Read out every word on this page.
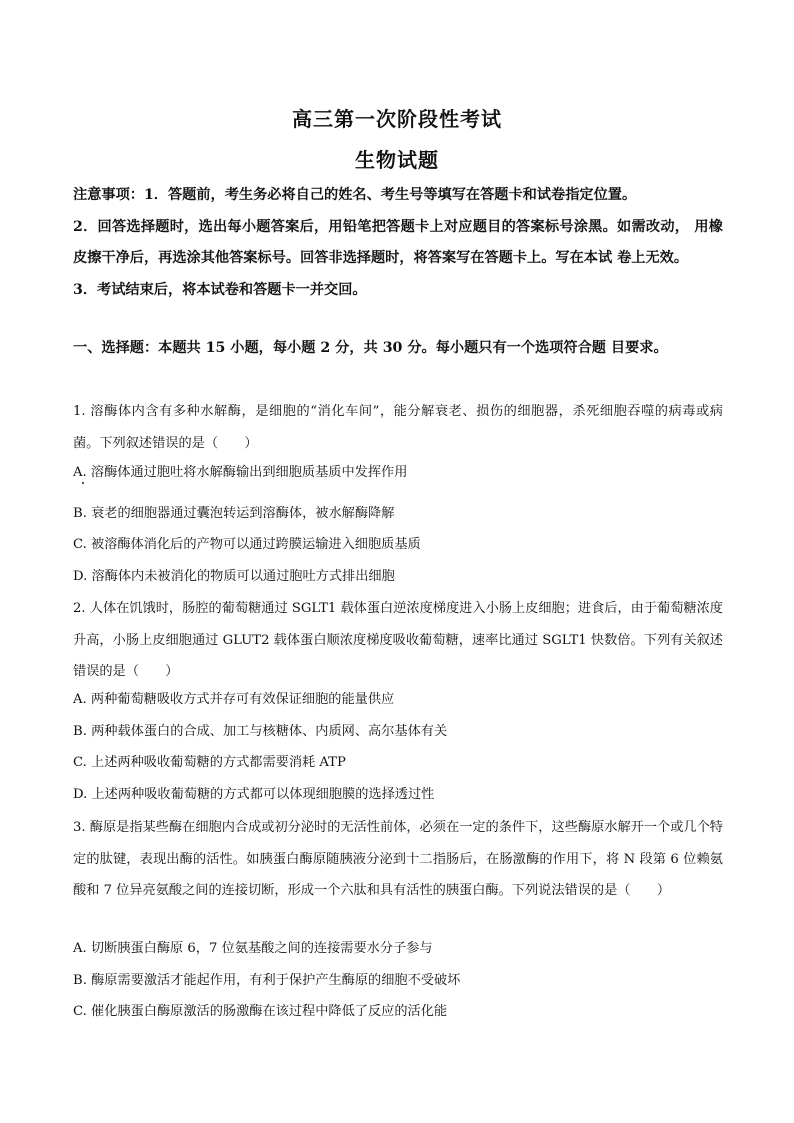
高三第一次阶段性考试
生物试题

注意事项：1．答题前，考生务必将自己的姓名、考生号等填写在答题卡和试卷指定位置。

2．回答选择题时，选出每小题答案后，用铅笔把答题卡上对应题目的答案标号涂黑。如需改动， 用橡皮擦干净后，再选涂其他答案标号。回答非选择题时，将答案写在答题卡上。写在本试 卷上无效。

3．考试结束后，将本试卷和答题卡一并交回。

一、选择题：本题共 15 小题，每小题 2 分，共 30 分。每小题只有一个选项符合题 目要求。
1. 溶酶体内含有多种水解酶，是细胞的“消化车间”，能分解衰老、损伤的细胞器，杀死细胞吞噬的病毒或病菌。下列叙述错误的是（　　）
A. 溶酶体通过胞吐将水解酶输出到细胞质基质中发挥作用
B. 衰老的细胞器通过囊泡转运到溶酶体，被水解酶降解
C. 被溶酶体消化后的产物可以通过跨膜运输进入细胞质基质
D. 溶酶体内未被消化的物质可以通过胞吐方式排出细胞
2. 人体在饥饿时，肠腔的葡萄糖通过 SGLT1 载体蛋白逆浓度梯度进入小肠上皮细胞；进食后，由于葡萄糖浓度升高，小肠上皮细胞通过 GLUT2 载体蛋白顺浓度梯度吸收葡萄糖，速率比通过 SGLT1 快数倍。下列有关叙述错误的是（　　）
A. 两种葡萄糖吸收方式并存可有效保证细胞的能量供应
B. 两种载体蛋白的合成、加工与核糖体、内质网、高尔基体有关
C. 上述两种吸收葡萄糖的方式都需要消耗 ATP
D. 上述两种吸收葡萄糖的方式都可以体现细胞膜的选择透过性
3. 酶原是指某些酶在细胞内合成或初分泌时的无活性前体，必须在一定的条件下，这些酶原水解开一个或几个特定的肽键，表现出酶的活性。如胰蛋白酶原随胰液分泌到十二指肠后，在肠激酶的作用下，将 N 段第 6 位赖氨酸和 7 位异亮氨酸之间的连接切断，形成一个六肽和具有活性的胰蛋白酶。下列说法错误的是（　　）
A. 切断胰蛋白酶原 6，7 位氨基酸之间的连接需要水分子参与
B. 酶原需要激活才能起作用，有利于保护产生酶原的细胞不受破坏
C. 催化胰蛋白酶原激活的肠激酶在该过程中降低了反应的活化能
